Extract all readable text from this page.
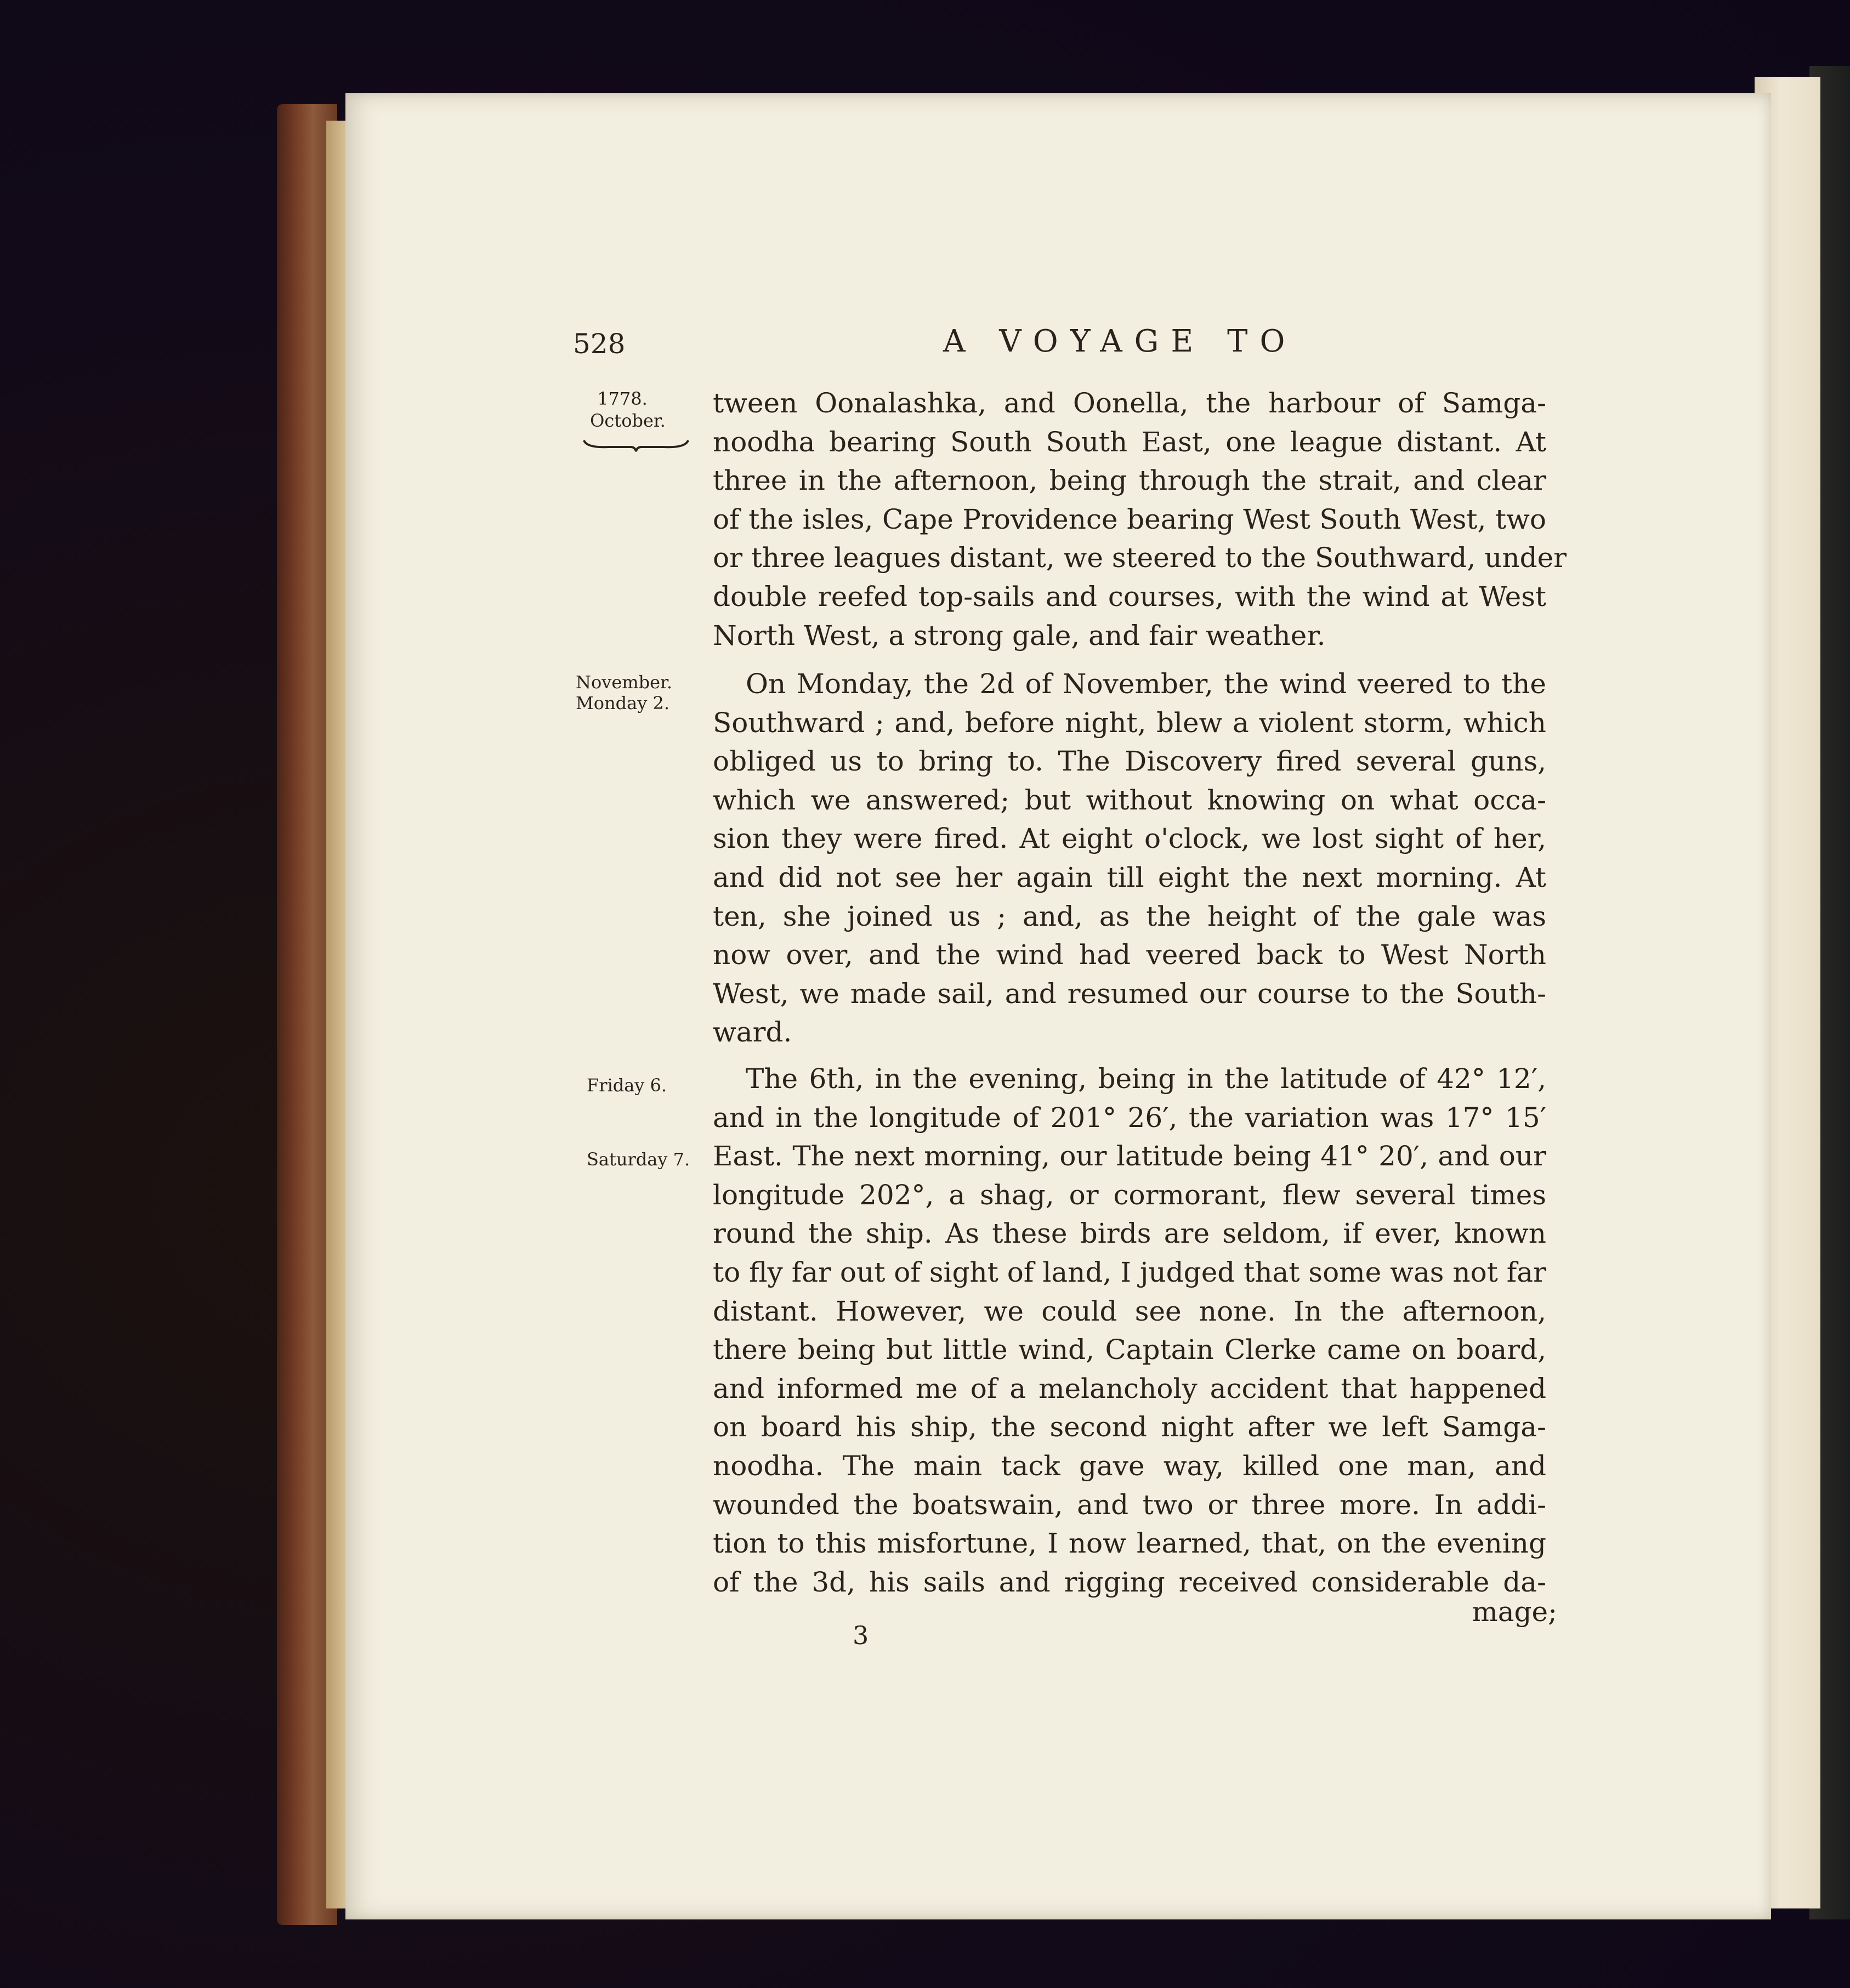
528	A VOYAGE TO
1778.
October.
November.
Monday 2.
Friday 6.
Saturday 7.
tween Oonalashka, and Oonella, the harbour of Samga-
noodha bearing South South East, one league distant. At
three in the afternoon, being through the strait, and clear
of the isles, Cape Providence bearing West South West, two
or three leagues distant, we steered to the Southward, under
double reefed top-sails and courses, with the wind at West
North West, a strong gale, and fair weather.
On Monday, the 2d of November, the wind veered to the
Southward ; and, before night, blew a violent storm, which
obliged us to bring to. The Discovery fired several guns,
which we answered; but without knowing on what occa-
sion they were fired. At eight o'clock, we lost sight of her,
and did not see her again till eight the next morning. At
ten, she joined us ; and, as the height of the gale was
now over, and the wind had veered back to West North
West, we made sail, and resumed our course to the South-
ward.
The 6th, in the evening, being in the latitude of 42° 12′,
and in the longitude of 201° 26′, the variation was 17° 15′
East. The next morning, our latitude being 41° 20′, and our
longitude 202°, a shag, or cormorant, flew several times
round the ship. As these birds are seldom, if ever, known
to fly far out of sight of land, I judged that some was not far
distant. However, we could see none. In the afternoon,
there being but little wind, Captain Clerke came on board,
and informed me of a melancholy accident that happened
on board his ship, the second night after we left Samga-
noodha. The main tack gave way, killed one man, and
wounded the boatswain, and two or three more. In addi-
tion to this misfortune, I now learned, that, on the evening
of the 3d, his sails and rigging received considerable da-
mage;
3
